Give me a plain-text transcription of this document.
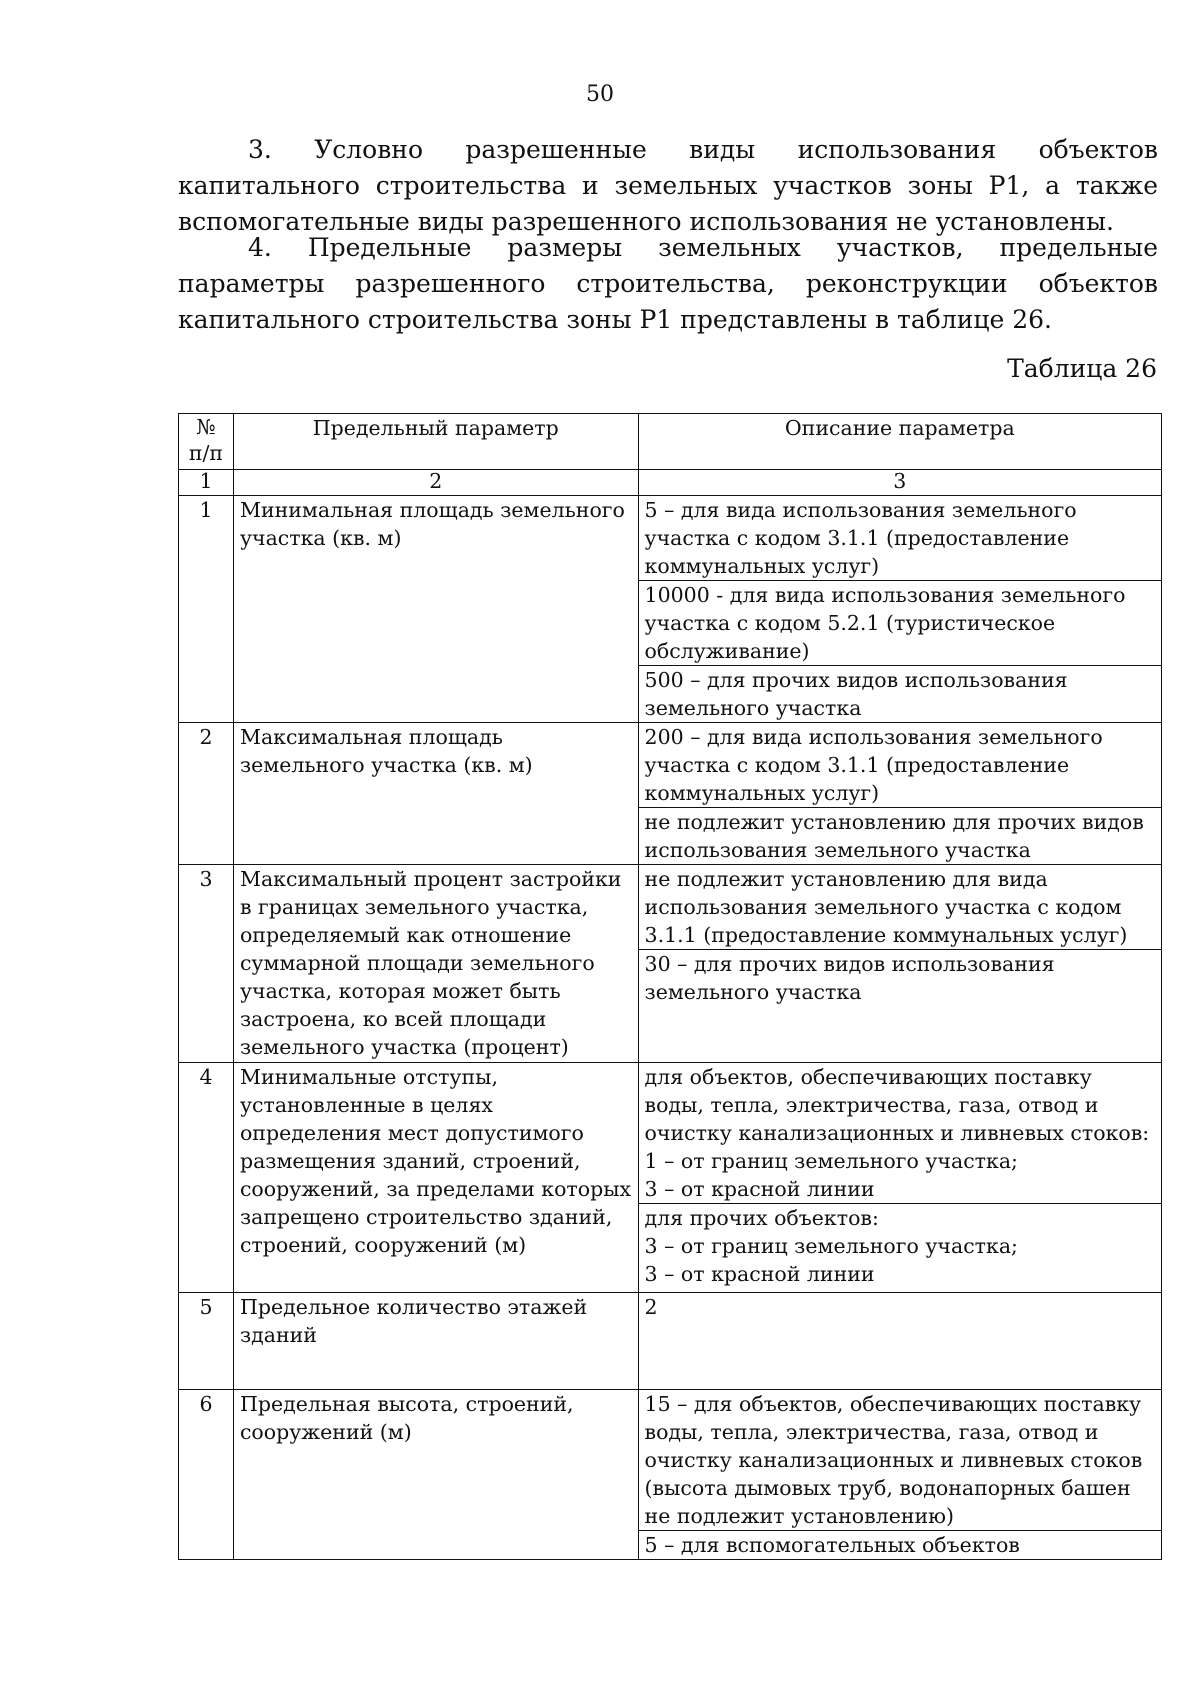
50

3. Условно разрешенные виды использования объектов капитального строительства и земельных участков зоны Р1, а также вспомогательные виды разрешенного использования не установлены.

4. Предельные размеры земельных участков, предельные параметры разрешенного строительства, реконструкции объектов капитального строительства зоны Р1 представлены в таблице 26.

Таблица 26
№ п/п	Предельный параметр	Описание параметра
1	2	3
1	Минимальная площадь земельного участка (кв. м)	5 – для вида использования земельного участка с кодом 3.1.1 (предоставление коммунальных услуг)
		10000 - для вида использования земельного участка с кодом 5.2.1 (туристическое обслуживание)
		500 – для прочих видов использования земельного участка
2	Максимальная площадь земельного участка (кв. м)	200 – для вида использования земельного участка с кодом 3.1.1 (предоставление коммунальных услуг)
		не подлежит установлению для прочих видов использования земельного участка
3	Максимальный процент застройки в границах земельного участка, определяемый как отношение суммарной площади земельного участка, которая может быть застроена, ко всей площади земельного участка (процент)	не подлежит установлению для вида использования земельного участка с кодом 3.1.1 (предоставление коммунальных услуг)
		30 – для прочих видов использования земельного участка
4	Минимальные отступы, установленные в целях определения мест допустимого размещения зданий, строений, сооружений, за пределами которых запрещено строительство зданий, строений, сооружений (м)	для объектов, обеспечивающих поставку воды, тепла, электричества, газа, отвод и очистку канализационных и ливневых стоков:
1 – от границ земельного участка;
3 – от красной линии
		для прочих объектов:
3 – от границ земельного участка;
3 – от красной линии
5	Предельное количество этажей зданий	2
6	Предельная высота, строений, сооружений (м)	15 – для объектов, обеспечивающих поставку воды, тепла, электричества, газа, отвод и очистку канализационных и ливневых стоков (высота дымовых труб, водонапорных башен не подлежит установлению)
		5 – для вспомогательных объектов
